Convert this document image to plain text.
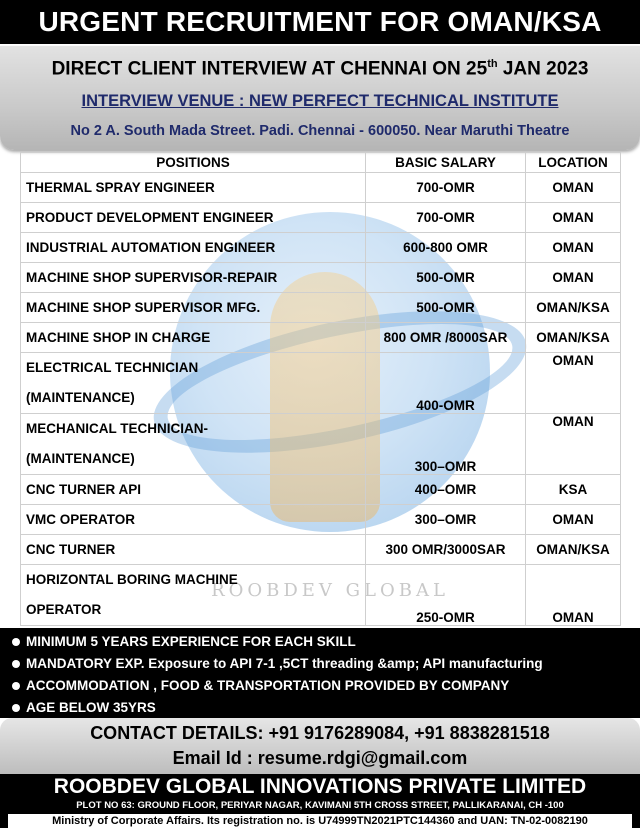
URGENT RECRUITMENT FOR OMAN/KSA
DIRECT CLIENT INTERVIEW AT CHENNAI ON 25th JAN 2023
INTERVIEW VENUE : NEW PERFECT TECHNICAL INSTITUTE
No 2 A. South Mada Street. Padi. Chennai - 600050. Near Maruthi Theatre
ROOBDEV GLOBAL
POSITIONS	BASIC SALARY	LOCATION
THERMAL SPRAY ENGINEER	700-OMR	OMAN
PRODUCT DEVELOPMENT ENGINEER	700-OMR	OMAN
INDUSTRIAL AUTOMATION ENGINEER	600-800 OMR	OMAN
MACHINE SHOP SUPERVISOR-REPAIR	500-OMR	OMAN
MACHINE SHOP SUPERVISOR MFG.	500-OMR	OMAN/KSA
MACHINE SHOP IN CHARGE	800 OMR /8000SAR	OMAN/KSA

ELECTRICAL TECHNICIAN
(MAINTENANCE)	400-OMR	OMAN

MECHANICAL TECHNICIAN-
(MAINTENANCE)	300–OMR	OMAN
CNC TURNER API	400–OMR	KSA
VMC OPERATOR	300–OMR	OMAN
CNC TURNER	300 OMR/3000SAR	OMAN/KSA

HORIZONTAL BORING MACHINE
OPERATOR	250-OMR	OMAN
MINIMUM 5 YEARS EXPERIENCE FOR EACH SKILL
MANDATORY EXP. Exposure to API 7-1 ,5CT threading &amp; API manufacturing
ACCOMMODATION , FOOD & TRANSPORTATION PROVIDED BY COMPANY
AGE BELOW 35YRS
CONTACT DETAILS: +91 9176289084, +91 8838281518
Email Id : resume.rdgi@gmail.com
ROOBDEV GLOBAL INNOVATIONS PRIVATE LIMITED
PLOT NO 63: GROUND FLOOR, PERIYAR NAGAR, KAVIMANI 5TH CROSS STREET, PALLIKARANAI, CH -100
Ministry of Corporate Affairs. Its registration no. is U74999TN2021PTC144360 and UAN: TN-02-0082190
